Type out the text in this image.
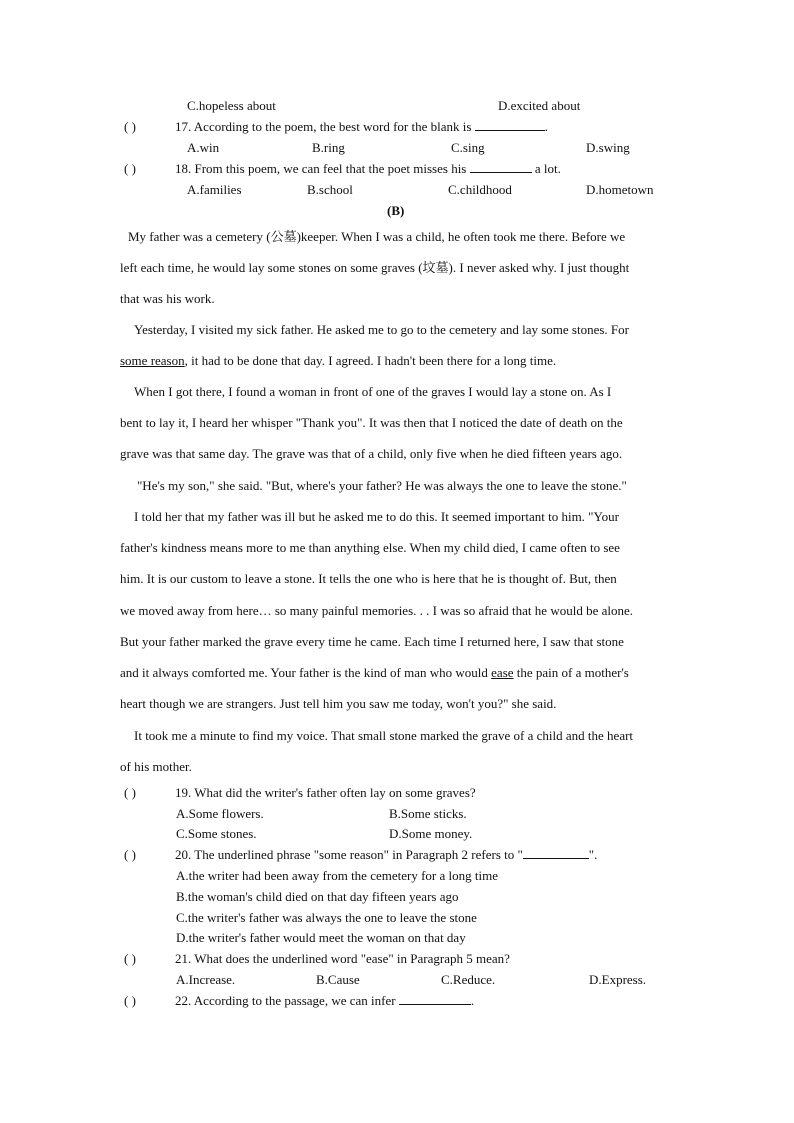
C.hopeless about	D.excited about
( )	17. According to the poem, the best word for the blank is	.
A.win	B.ring	C.sing	D.swing
( )	18. From this poem, we can feel that the poet misses his	a lot.
A.families	B.school	C.childhood	D.hometown
(B)
My father was a cemetery (公墓)keeper. When I was a child, he often took me there. Before we
left each time, he would lay some stones on some graves (坟墓). I never asked why. I just thought
that was his work.
Yesterday, I visited my sick father. He asked me to go to the cemetery and lay some stones. For
some reason, it had to be done that day. I agreed. I hadn't been there for a long time.
When I got there, I found a woman in front of one of the graves I would lay a stone on. As I
bent to lay it, I heard her whisper "Thank you". It was then that I noticed the date of death on the
grave was that same day. The grave was that of a child, only five when he died fifteen years ago.
"He's my son," she said. "But, where's your father? He was always the one to leave the stone."
I told her that my father was ill but he asked me to do this. It seemed important to him. "Your
father's kindness means more to me than anything else. When my child died, I came often to see
him. It is our custom to leave a stone. It tells the one who is here that he is thought of. But, then
we moved away from here… so many painful memories. . . I was so afraid that he would be alone.
But your father marked the grave every time he came. Each time I returned here, I saw that stone
and it always comforted me. Your father is the kind of man who would ease the pain of a mother's
heart though we are strangers. Just tell him you saw me today, won't you?" she said.
It took me a minute to find my voice. That small stone marked the grave of a child and the heart
of his mother.
( )	19. What did the writer's father often lay on some graves?
A.Some flowers.	B.Some sticks.
C.Some stones.	D.Some money.
( )	20. The underlined phrase "some reason" in Paragraph 2 refers to "	".
A.the writer had been away from the cemetery for a long time
B.the woman's child died on that day fifteen years ago
C.the writer's father was always the one to leave the stone
D.the writer's father would meet the woman on that day
( )	21. What does the underlined word "ease" in Paragraph 5 mean?
A.Increase.	B.Cause	C.Reduce.	D.Express.
( )	22. According to the passage, we can infer	.
